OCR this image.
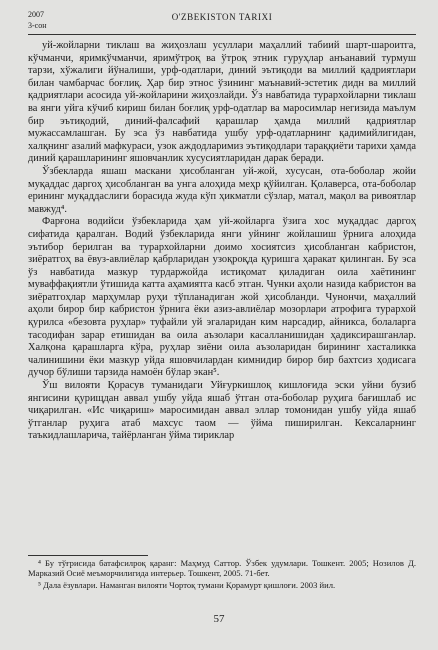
2007
3-сон
O'ZBEKISTON TARIXI

уй-жойларни тиклаш ва жиҳозлаш усуллари маҳаллий табиий шарт-шароитга, кўчманчи, яримкўчманчи, яримўтроқ ва ўтроқ этник гуруҳлар анъанавий турмуш тарзи, хўжалиги йўналиши, урф-одатлари, диний эътиқоди ва миллий қадриятлари билан чамбарчас боғлиқ. Ҳар бир этнос ўзининг маънавий-эстетик дидн ва миллий қадриятлари асосида уй-жойларини жиҳозлайди. Ўз навбатида турархойларни тиклаш ва янги уйга кўчиб кириш билан боғлиқ урф-одатлар ва маросимлар негизида маълум бир эътиқодий, диний-фалсафий қарашлар ҳамда миллий қадриятлар мужассамлашган. Бу эса ўз навбатида ушбу урф-одатларнинг қадимийлигидан, халқнинг азалий мафкураси, узок аждодларимиз эътиқодлари тараққиёти тарихи ҳамда диний қарашларининг яшовчанлик хусусиятларидан дарак беради.

Ўзбекларда яшаш маскани ҳисобланган уй-жой, хусусан, ота-боболар жойи муқаддас даргоҳ ҳисобланган ва унга алоҳида меҳр қўйилган. Қолаверса, ота-боболар ерининг муқаддаслиги борасида жуда кўп ҳикматли сўзлар, матал, мақол ва ривоятлар мавжуд⁴.

Фарғона водийси ўзбекларида ҳам уй-жойларга ўзига хос муқаддас даргоҳ сифатида қаралган. Водий ўзбекларида янги уйнинг жойлашиш ўрнига алоҳида эътибор берилган ва турархойларни доимо хосиятсиз ҳисобланган кабристон, зиёратгоҳ ва ёвуз-авлиёлар қабрларидан узоқроқда қуришга ҳаракат қилинган. Бу эса ўз навбатида мазкур турдаржойда истиқомат қиладиган оила хаётининг муваффақиятли ўтишида катта аҳамиятга касб этган. Чунки аҳоли назида кабристон ва зиёратгоҳлар марҳумлар руҳи тўпланадиган жой ҳисобланди. Чунончи, маҳаллий аҳоли бирор бир кабристон ўрнига ёки азиз-авлиёлар мозорлари атрофига турархой қурилса «безовта руҳлар» туфайли уй эгаларидан ким нарсадир, айникса, болаларга тасодифан зарар етишидан ва оила аъзолари касалланишидан ҳадиксирашганлар. Халқона қарашларга кўра, руҳлар зиёни оила аъзоларидан бирининг хасталикка чалинишини ёки мазкур уйда яшовчилардан кимнидир бирор бир бахтсиз ҳодисага дучор бўлиши тарзида намоён бўлар экан⁵.

Ўш вилояти Қорасув туманидаги Уйғуркишлоқ кишлоғида эски уйни бузиб янгисини қурищдан аввал ушбу уйда яшаб ўтган ота-боболар руҳига бағишлаб ис чиқарилган. «Ис чиқариш» маросимидан аввал эллар томонидан ушбу уйда яшаб ўтганлар руҳига атаб махсус таом — ўйма пиширилган. Кексаларнинг таъкидлашларича, тайёрланган ўйма тириклар

⁴ Бу тўғрисида батафсилроқ қаранг: Маҳмуд Саттор. Ўзбек удумлари. Тошкент. 2005; Нозилов Д. Марказий Осиё меъморчилигида интерьер. Тошкент, 2005. 71-бет.

⁵ Дала ёзувлари. Наманган вилояти Чортоқ тумани Қорамурт қишлоғи. 2003 йил.

57
